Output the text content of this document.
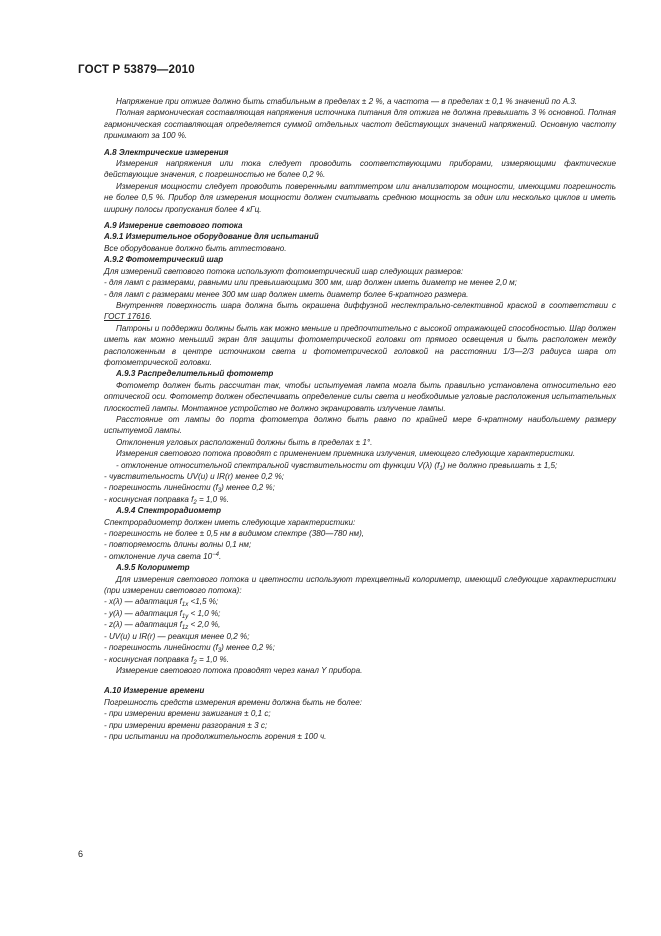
ГОСТ Р 53879—2010

Напряжение при отжиге должно быть стабильным в пределах ± 2 %, а частота — в пределах ± 0,1 % значений по А.3.

Полная гармоническая составляющая напряжения источника питания для отжига не должна превышать 3 % основной. Полная гармоническая составляющая определяется суммой отдельных частот действующих значений напряжений. Основную частоту принимают за 100 %.

А.8 Электрические измерения

Измерения напряжения или тока следует проводить соответствующими приборами, измеряющими фактические действующие значения, с погрешностью не более 0,2 %.

Измерения мощности следует проводить поверенными ваттметром или анализатором мощности, имеющими погрешность не более 0,5 %. Прибор для измерения мощности должен считывать среднюю мощность за один или несколько циклов и иметь ширину полосы пропускания более 4 кГц.

А.9 Измерение светового потока

А.9.1 Измерительное оборудование для испытаний

Все оборудование должно быть аттестовано.

А.9.2 Фотометрический шар

Для измерений светового потока используют фотометрический шар следующих размеров:

- для ламп с размерами, равными или превышающими 300 мм, шар должен иметь диаметр не менее 2,0 м;

- для ламп с размерами менее 300 мм шар должен иметь диаметр более 6-кратного размера.

Внутренняя поверхность шара должна быть окрашена диффузной неспектрально-селективной краской в соответствии с ГОСТ 17616.

Патроны и поддержки должны быть как можно меньше и предпочтительно с высокой отражающей способностью. Шар должен иметь как можно меньший экран для защиты фотометрической головки от прямого освещения и быть расположен между расположенным в центре источником света и фотометрической головкой на расстоянии 1/3—2/3 радиуса шара от фотометрической головки.

А.9.3 Распределительный фотометр

Фотометр должен быть рассчитан так, чтобы испытуемая лампа могла быть правильно установлена относительно его оптической оси. Фотометр должен обеспечивать определение силы света и необходимые угловые расположения испытательных плоскостей лампы. Монтажное устройство не должно экранировать излучение лампы.

Расстояние от лампы до порта фотометра должно быть равно по крайней мере 6-кратному наибольшему размеру испытуемой лампы.

Отклонения угловых расположений должны быть в пределах ± 1°.

Измерения светового потока проводят с применением приемника излучения, имеющего следующие характеристики.

- отклонение относительной спектральной чувствительности от функции V(λ) $(f_1)$ не должно превышать ± 1,5;

- чувствительность UV(u) и IR(r) менее 0,2 %;

- погрешность линейности $(f_3)$ менее 0,2 %;

- косинусная поправка $f_2 = 1,0$ %.

А.9.4 Спектрорадиометр

Спектрорадиометр должен иметь следующие характеристики:

- погрешность не более ± 0,5 нм в видимом спектре (380—780 нм),

- повторяемость длины волны 0,1 нм;

- отклонение луча света $10^{-4}$.

А.9.5 Колориметр

Для измерения светового потока и цветности используют трехцветный колориметр, имеющий следующие характеристики (при измерении светового потока):

- x(λ) — адаптация $f_{1x} <1,5$ %;

- y(λ) — адаптация $f_{1y} < 1,0$ %;

- z(λ) — адаптация $f_{1z} < 2,0$ %,

- UV(u) и IR(r) — реакция менее 0,2 %;

- погрешность линейности $(f_3)$ менее 0,2 %;

- косинусная поправка $f_2 = 1,0$ %.

Измерение светового потока проводят через канал Y прибора.

А.10 Измерение времени

Погрешность средств измерения времени должна быть не более:

- при измерении времени зажигания ± 0,1 с;

- при измерении времени разгорания ± 3 с;

- при испытании на продолжительность горения ± 100 ч.

6
